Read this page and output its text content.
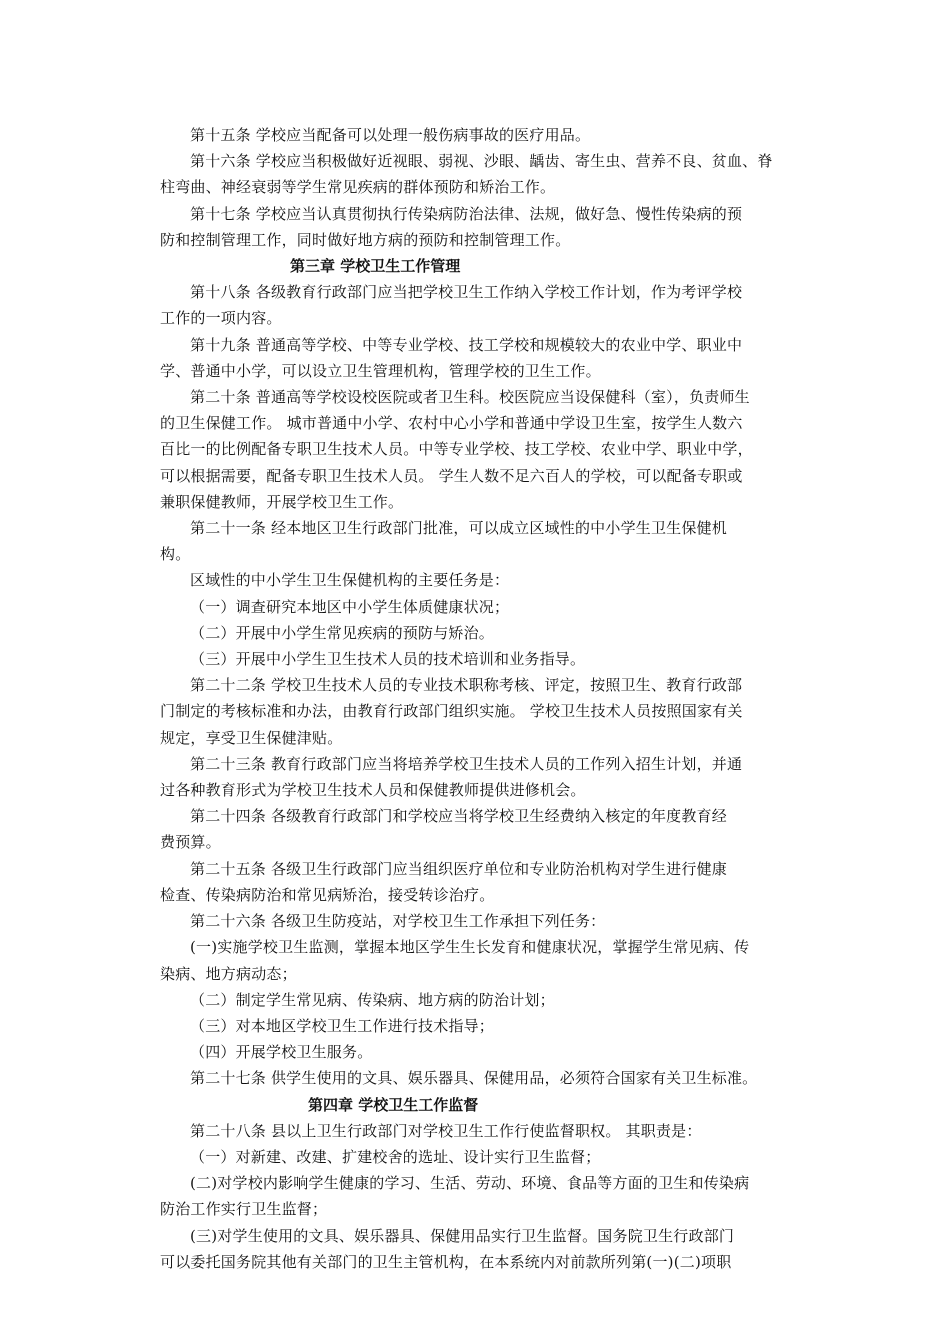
第十五条 学校应当配备可以处理一般伤病事故的医疗用品。
第十六条 学校应当积极做好近视眼、弱视、沙眼、龋齿、寄生虫、营养不良、贫血、脊
柱弯曲、神经衰弱等学生常见疾病的群体预防和矫治工作。
第十七条 学校应当认真贯彻执行传染病防治法律、法规，做好急、慢性传染病的预
防和控制管理工作，同时做好地方病的预防和控制管理工作。
第三章 学校卫生工作管理
第十八条 各级教育行政部门应当把学校卫生工作纳入学校工作计划，作为考评学校
工作的一项内容。
第十九条 普通高等学校、中等专业学校、技工学校和规模较大的农业中学、职业中
学、普通中小学，可以设立卫生管理机构，管理学校的卫生工作。
第二十条 普通高等学校设校医院或者卫生科。校医院应当设保健科（室），负责师生
的卫生保健工作。 城市普通中小学、农村中心小学和普通中学设卫生室，按学生人数六
百比一的比例配备专职卫生技术人员。中等专业学校、技工学校、农业中学、职业中学，
可以根据需要，配备专职卫生技术人员。 学生人数不足六百人的学校，可以配备专职或
兼职保健教师，开展学校卫生工作。
第二十一条 经本地区卫生行政部门批准，可以成立区域性的中小学生卫生保健机
构。
区域性的中小学生卫生保健机构的主要任务是：
（一）调查研究本地区中小学生体质健康状况；
（二）开展中小学生常见疾病的预防与矫治。
（三）开展中小学生卫生技术人员的技术培训和业务指导。
第二十二条 学校卫生技术人员的专业技术职称考核、评定，按照卫生、教育行政部
门制定的考核标准和办法，由教育行政部门组织实施。 学校卫生技术人员按照国家有关
规定，享受卫生保健津贴。
第二十三条 教育行政部门应当将培养学校卫生技术人员的工作列入招生计划，并通
过各种教育形式为学校卫生技术人员和保健教师提供进修机会。
第二十四条 各级教育行政部门和学校应当将学校卫生经费纳入核定的年度教育经
费预算。
第二十五条 各级卫生行政部门应当组织医疗单位和专业防治机构对学生进行健康
检查、传染病防治和常见病矫治，接受转诊治疗。
第二十六条 各级卫生防疫站，对学校卫生工作承担下列任务：
(一)实施学校卫生监测，掌握本地区学生生长发育和健康状况，掌握学生常见病、传
染病、地方病动态；
（二）制定学生常见病、传染病、地方病的防治计划；
（三）对本地区学校卫生工作进行技术指导；
（四）开展学校卫生服务。
第二十七条 供学生使用的文具、娱乐器具、保健用品，必须符合国家有关卫生标准。
第四章 学校卫生工作监督
第二十八条 县以上卫生行政部门对学校卫生工作行使监督职权。 其职责是：
（一）对新建、改建、扩建校舍的选址、设计实行卫生监督；
(二)对学校内影响学生健康的学习、生活、劳动、环境、食品等方面的卫生和传染病
防治工作实行卫生监督；
(三)对学生使用的文具、娱乐器具、保健用品实行卫生监督。国务院卫生行政部门
可以委托国务院其他有关部门的卫生主管机构，在本系统内对前款所列第(一)(二)项职
